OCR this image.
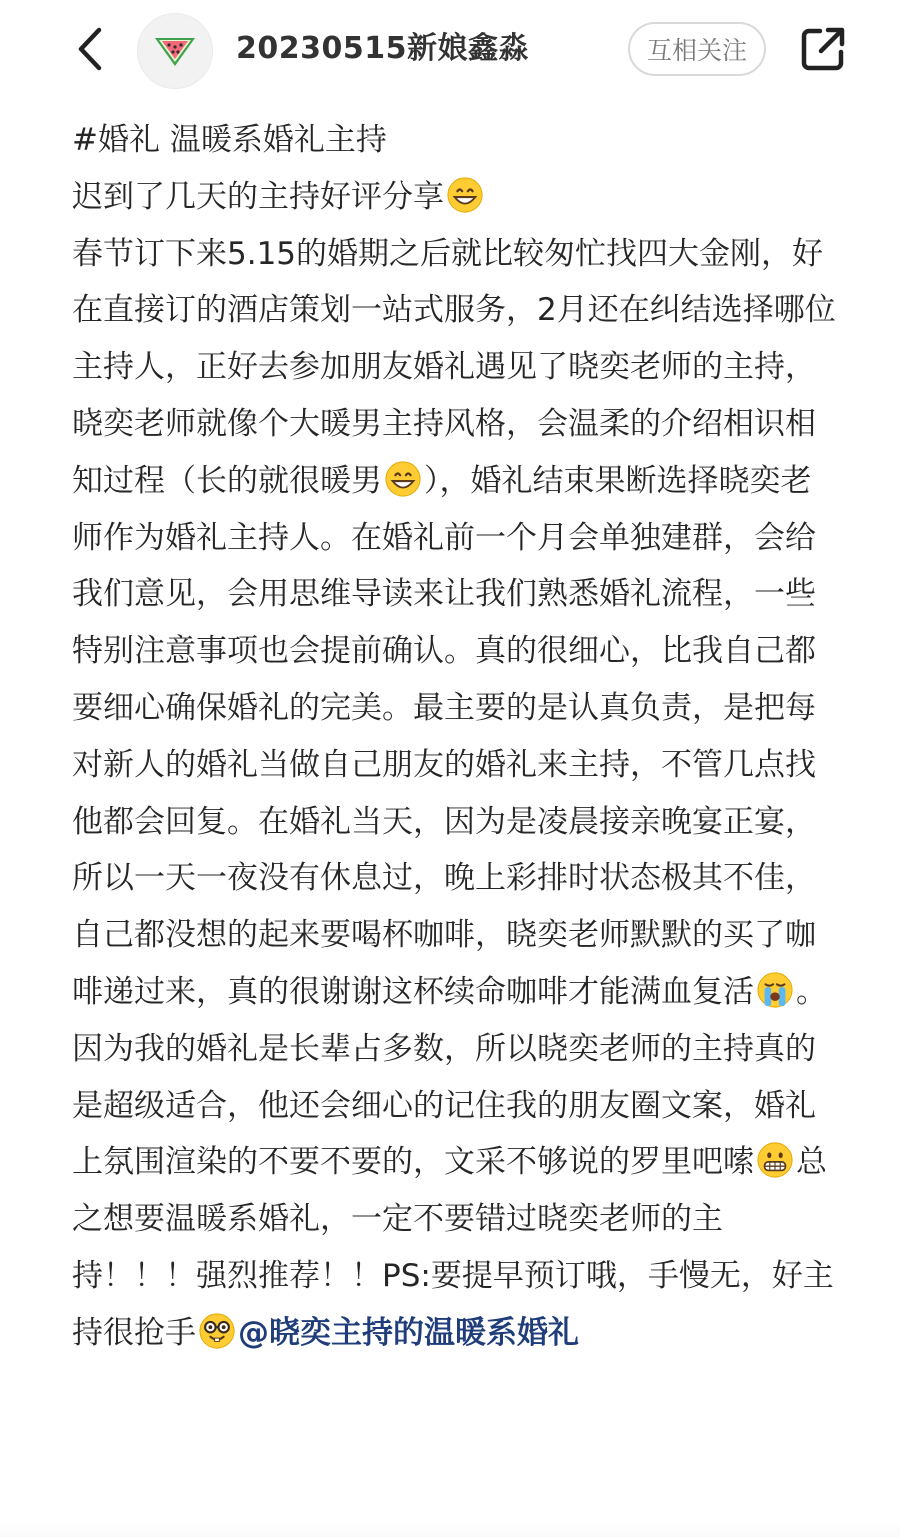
20230515新娘鑫淼	互相关注

#婚礼 温暖系婚礼主持

迟到了几天的主持好评分享

春节订下来5.15的婚期之后就比较匆忙找四大金刚，好在直接订的酒店策划一站式服务，2月还在纠结选择哪位主持人，正好去参加朋友婚礼遇见了晓奕老师的主持，晓奕老师就像个大暖男主持风格，会温柔的介绍相识相知过程（长的就很暖男 ），婚礼结束果断选择晓奕老师作为婚礼主持人。在婚礼前一个月会单独建群，会给我们意见，会用思维导读来让我们熟悉婚礼流程，一些特别注意事项也会提前确认。真的很细心，比我自己都要细心确保婚礼的完美。最主要的是认真负责，是把每对新人的婚礼当做自己朋友的婚礼来主持，不管几点找他都会回复。在婚礼当天，因为是凌晨接亲晚宴正宴，所以一天一夜没有休息过，晚上彩排时状态极其不佳，自己都没想的起来要喝杯咖啡，晓奕老师默默的买了咖啡递过来，真的很谢谢这杯续命咖啡才能满血复活 。因为我的婚礼是长辈占多数，所以晓奕老师的主持真的是超级适合，他还会细心的记住我的朋友圈文案，婚礼上氛围渲染的不要不要的，文采不够说的罗里吧嗦 总之想要温暖系婚礼，一定不要错过晓奕老师的主持！！！强烈推荐！！PS:要提早预订哦，手慢无，好主持很抢手 @晓奕主持的温暖系婚礼
